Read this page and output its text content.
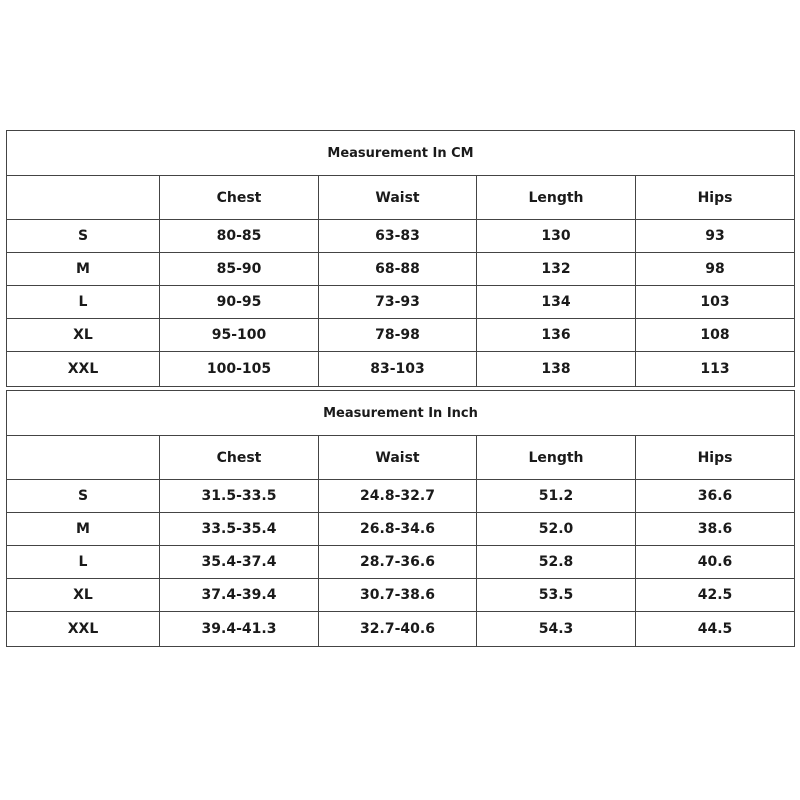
Measurement In CM				
	Chest	Waist	Length	Hips
S	80-85	63-83	130	93
M	85-90	68-88	132	98
L	90-95	73-93	134	103
XL	95-100	78-98	136	108
XXL	100-105	83-103	138	113
Measurement In Inch				
	Chest	Waist	Length	Hips
S	31.5-33.5	24.8-32.7	51.2	36.6
M	33.5-35.4	26.8-34.6	52.0	38.6
L	35.4-37.4	28.7-36.6	52.8	40.6
XL	37.4-39.4	30.7-38.6	53.5	42.5
XXL	39.4-41.3	32.7-40.6	54.3	44.5
